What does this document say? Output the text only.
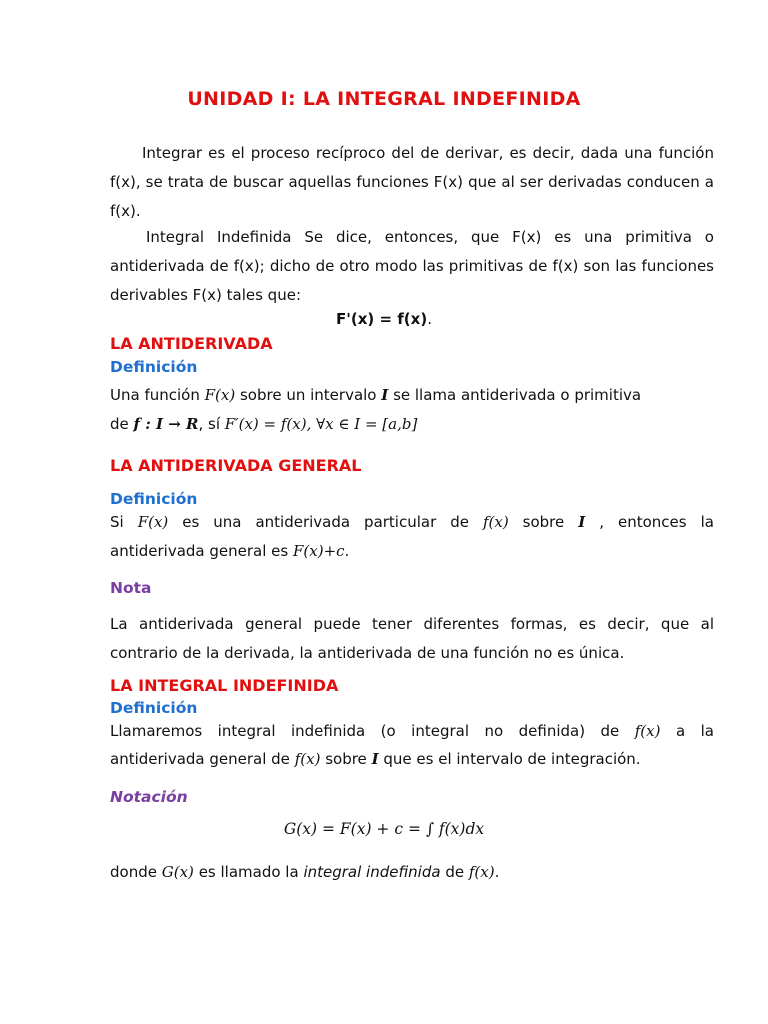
UNIDAD I: LA INTEGRAL INDEFINIDA

Integrar es el proceso recíproco del de derivar, es decir, dada una función f(x), se trata de buscar aquellas funciones F(x) que al ser derivadas conducen a f(x).

Integral Indefinida Se dice, entonces, que F(x) es una primitiva o antiderivada de f(x); dicho de otro modo las primitivas de f(x) son las funciones derivables F(x) tales que:

F'(x) = f(x).

LA ANTIDERIVADA
Definición

Una función F(x) sobre un intervalo I se llama antiderivada o primitiva

de f : I → R, sí F′(x) = f(x), ∀x ∈ I = [a,b]

LA ANTIDERIVADA GENERAL
Definición

Si F(x) es una antiderivada particular de f(x) sobre I , entonces la

antiderivada general es F(x)+c.

Nota

La antiderivada general puede tener diferentes formas, es decir, que al contrario de la derivada, la antiderivada de una función no es única.

LA INTEGRAL INDEFINIDA
Definición

Llamaremos integral indefinida (o integral no definida) de f(x) a la

antiderivada general de f(x) sobre I que es el intervalo de integración.

Notación
G(x) = F(x) + c = ∫ f(x)dx

donde G(x) es llamado la integral indefinida de f(x).
